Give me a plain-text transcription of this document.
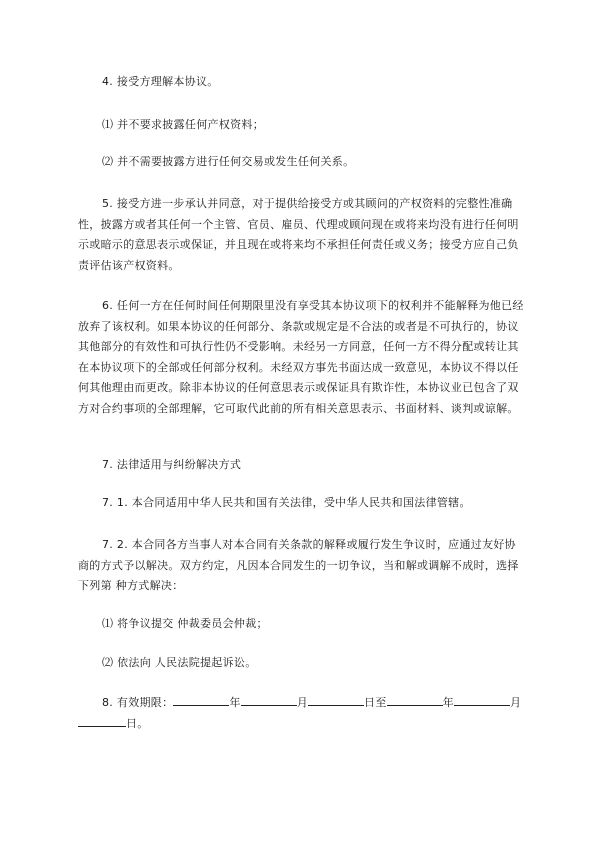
4. 接受方理解本协议。

⑴ 并不要求披露任何产权资料；

⑵ 并不需要披露方进行任何交易或发生任何关系。

5. 接受方进一步承认并同意，对于提供给接受方或其顾问的产权资料的完整性准确性，披露方或者其任何一个主管、官员、雇员、代理或顾问现在或将来均没有进行任何明示或暗示的意思表示或保证，并且现在或将来均不承担任何责任或义务；接受方应自己负责评估该产权资料。

6. 任何一方在任何时间任何期限里没有享受其本协议项下的权利并不能解释为他已经放弃了该权利。如果本协议的任何部分、条款或规定是不合法的或者是不可执行的，协议其他部分的有效性和可执行性仍不受影响。未经另一方同意，任何一方不得分配或转让其在本协议项下的全部或任何部分权利。未经双方事先书面达成一致意见，本协议不得以任何其他理由而更改。除非本协议的任何意思表示或保证具有欺诈性，本协议业已包含了双方对合约事项的全部理解，它可取代此前的所有相关意思表示、书面材料、谈判或谅解。

7. 法律适用与纠纷解决方式

7. 1. 本合同适用中华人民共和国有关法律，受中华人民共和国法律管辖。

7. 2. 本合同各方当事人对本合同有关条款的解释或履行发生争议时，应通过友好协商的方式予以解决。双方约定，凡因本合同发生的一切争议，当和解或调解不成时，选择下列第 种方式解决：

⑴ 将争议提交 仲裁委员会仲裁；

⑵ 依法向 人民法院提起诉讼。

8. 有效期限：	年	月	日至	年	月日。
